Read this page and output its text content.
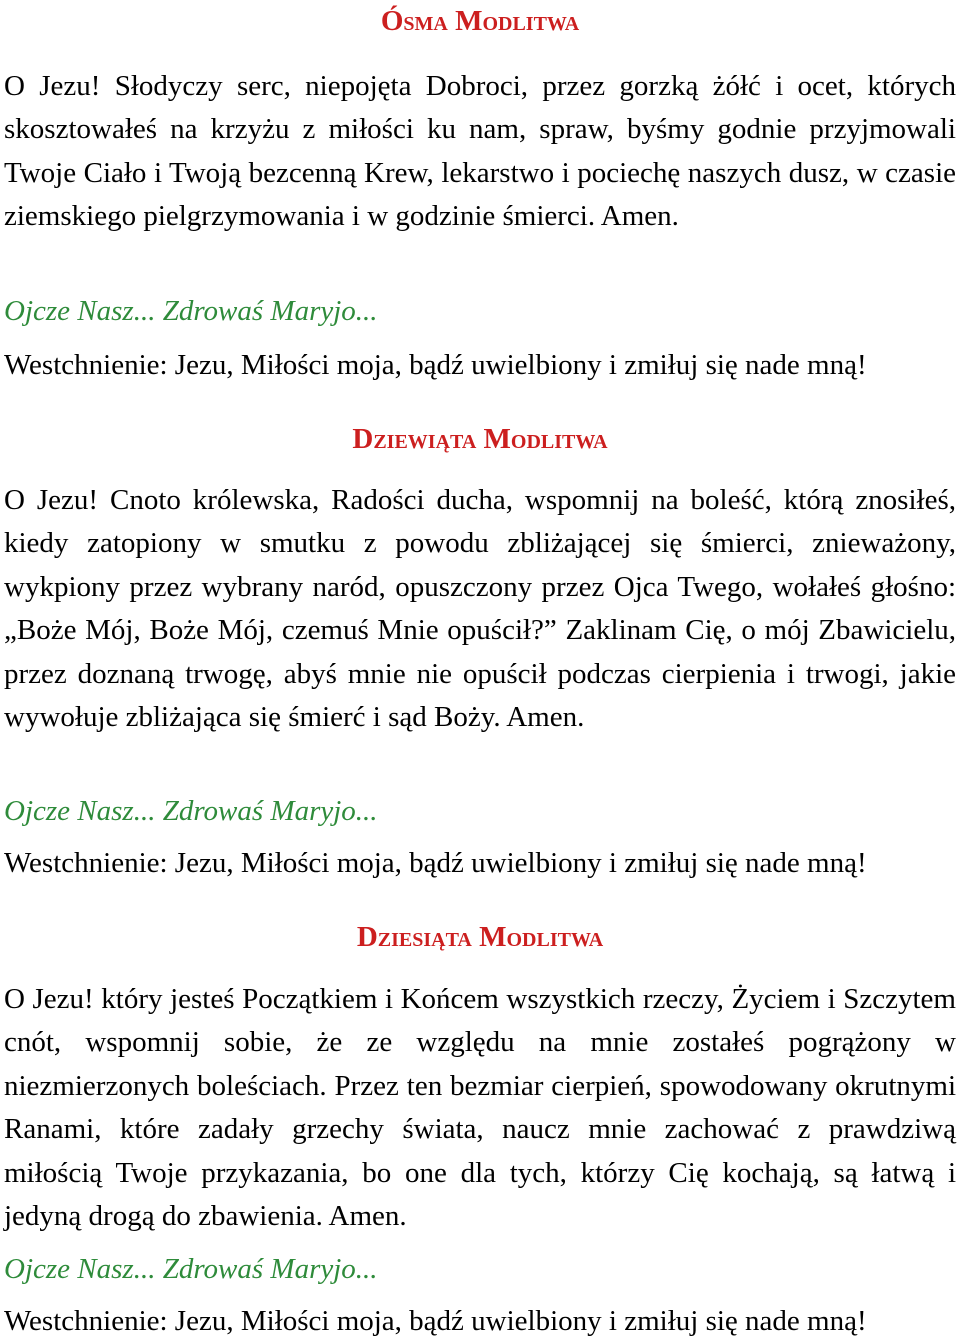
Ósma Modlitwa

O Jezu! Słodyczy serc, niepojęta Dobroci, przez gorzką żółć i ocet, których skosztowałeś na krzyżu z miłości ku nam, spraw, byśmy godnie przyjmowali Twoje Ciało i Twoją bezcenną Krew, lekarstwo i pociechę naszych dusz, w czasie ziemskiego pielgrzymowania i w godzinie śmierci. Amen.

Ojcze Nasz... Zdrowaś Maryjo...

Westchnienie: Jezu, Miłości moja, bądź uwielbiony i zmiłuj się nade mną!

Dziewiąta Modlitwa

O Jezu! Cnoto królewska, Radości ducha, wspomnij na boleść, którą znosiłeś, kiedy zatopiony w smutku z powodu zbliżającej się śmierci, znieważony, wykpiony przez wybrany naród, opuszczony przez Ojca Twego, wołałeś głośno: „Boże Mój, Boże Mój, czemuś Mnie opuścił?” Zaklinam Cię, o mój Zbawicielu, przez doznaną trwogę, abyś mnie nie opuścił podczas cierpienia i trwogi, jakie wywołuje zbliżająca się śmierć i sąd Boży. Amen.

Ojcze Nasz... Zdrowaś Maryjo...

Westchnienie: Jezu, Miłości moja, bądź uwielbiony i zmiłuj się nade mną!

Dziesiąta Modlitwa

O Jezu! który jesteś Początkiem i Końcem wszystkich rzeczy, Życiem i Szczytem cnót, wspomnij sobie, że ze względu na mnie zostałeś pogrążony w niezmierzonych boleściach. Przez ten bezmiar cierpień, spowodowany okrutnymi Ranami, które zadały grzechy świata, naucz mnie zachować z prawdziwą miłością Twoje przykazania, bo one dla tych, którzy Cię kochają, są łatwą i jedyną drogą do zbawienia. Amen.

Ojcze Nasz... Zdrowaś Maryjo...

Westchnienie: Jezu, Miłości moja, bądź uwielbiony i zmiłuj się nade mną!
